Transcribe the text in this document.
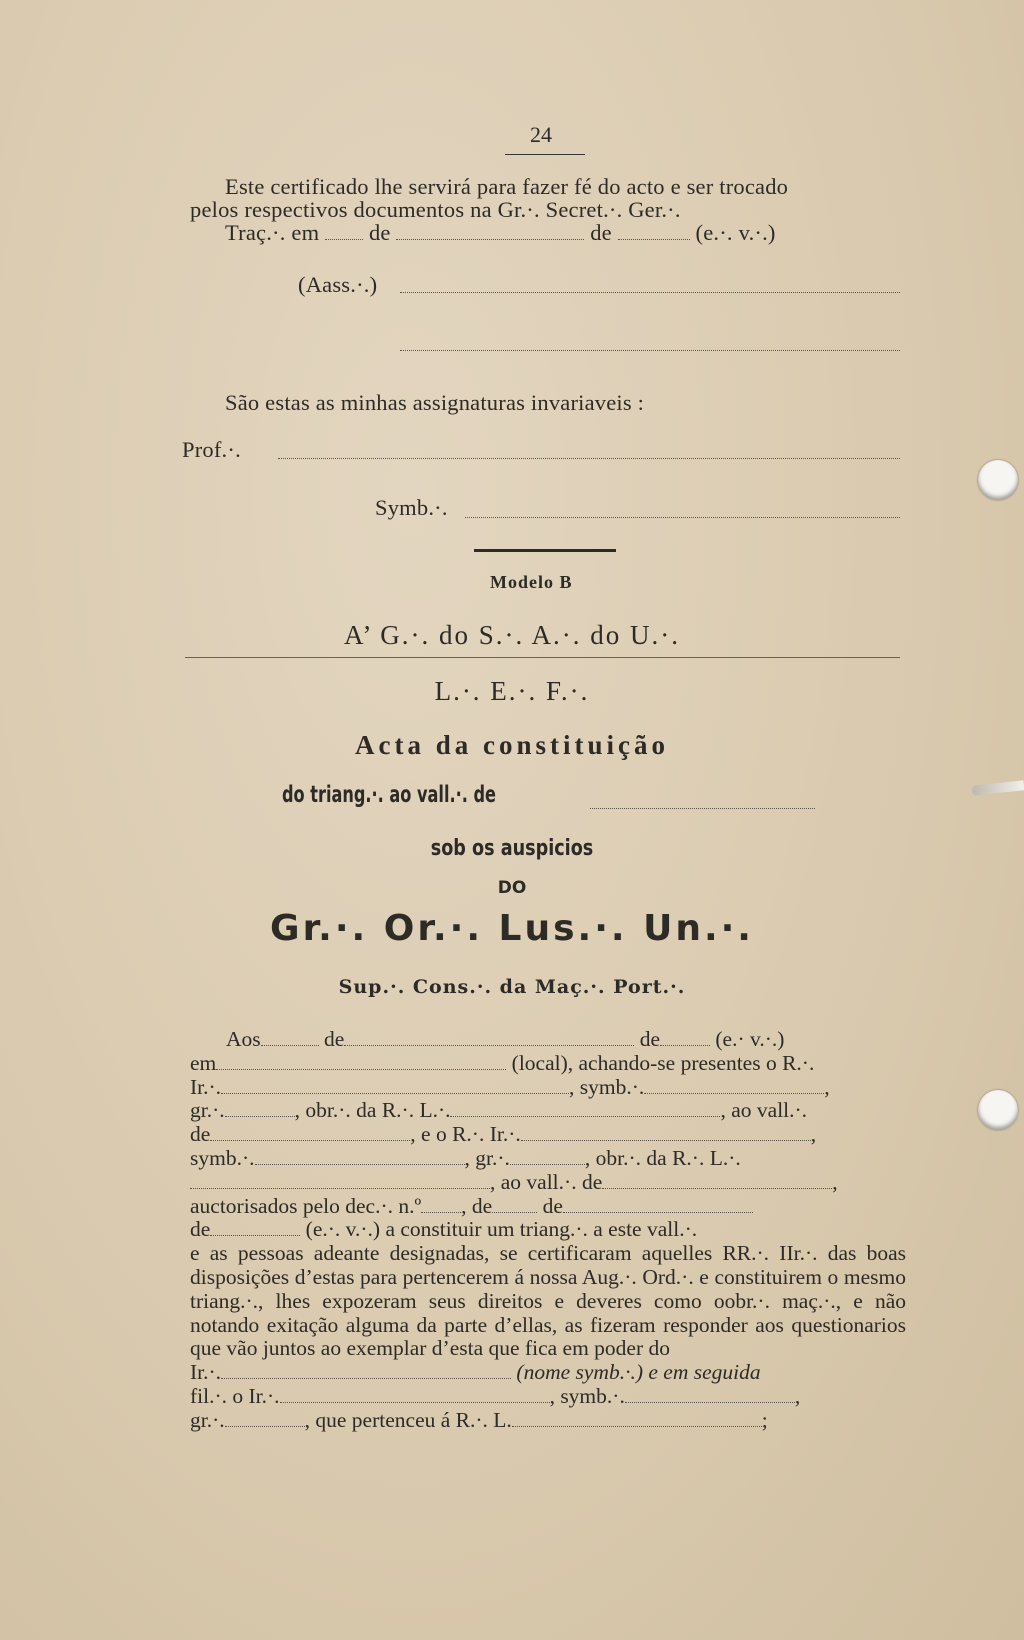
24
Este certificado lhe servirá para fazer fé do acto e ser trocado
pelos respectivos documentos na Gr.·. Secret.·. Ger.·.
Traç.·. em de	de	(e.·. v.·.)
(Aass.·.)
São estas as minhas assignaturas invariaveis :
Prof.·.
Symb.·.
Modelo B
A’ G.·. do S.·. A.·. do U.·.
L.·. E.·. F.·.
Acta da constituição
do triang.·. ao vall.·. de
sob os auspicios
DO
Gr.·. Or.·. Lus.·. Un.·.
Sup.·. Cons.·. da Maç.·. Port.·.

Aos	de	de	(e.· v.·.)

em	(local), achando-se presentes o R.·.

Ir.·.	, symb.·.	,

gr.·.	, obr.·. da R.·. L.·.	, ao vall.·.

de	, e o R.·. Ir.·.	,

symb.·.	, gr.·.	, obr.·. da R.·. L.·.

, ao vall.·. de	,

auctorisados pelo dec.·. n.º , de de

de	(e.·. v.·.) a constituir um triang.·. a este vall.·.

e as pessoas adeante designadas, se certificaram aquelles RR.·. IIr.·. das boas disposições d’estas para pertencerem á nossa Aug.·. Ord.·. e constituirem o mesmo triang.·., lhes expozeram seus direitos e deveres como oobr.·. maç.·., e não notando exitação alguma da parte d’ellas, as fizeram responder aos questionarios que vão juntos ao exemplar d’esta que fica em poder do

Ir.·.	(nome symb.·.) e em seguida

fil.·. o Ir.·.	, symb.·.	,

gr.·.	, que pertenceu á R.·. L.	;
